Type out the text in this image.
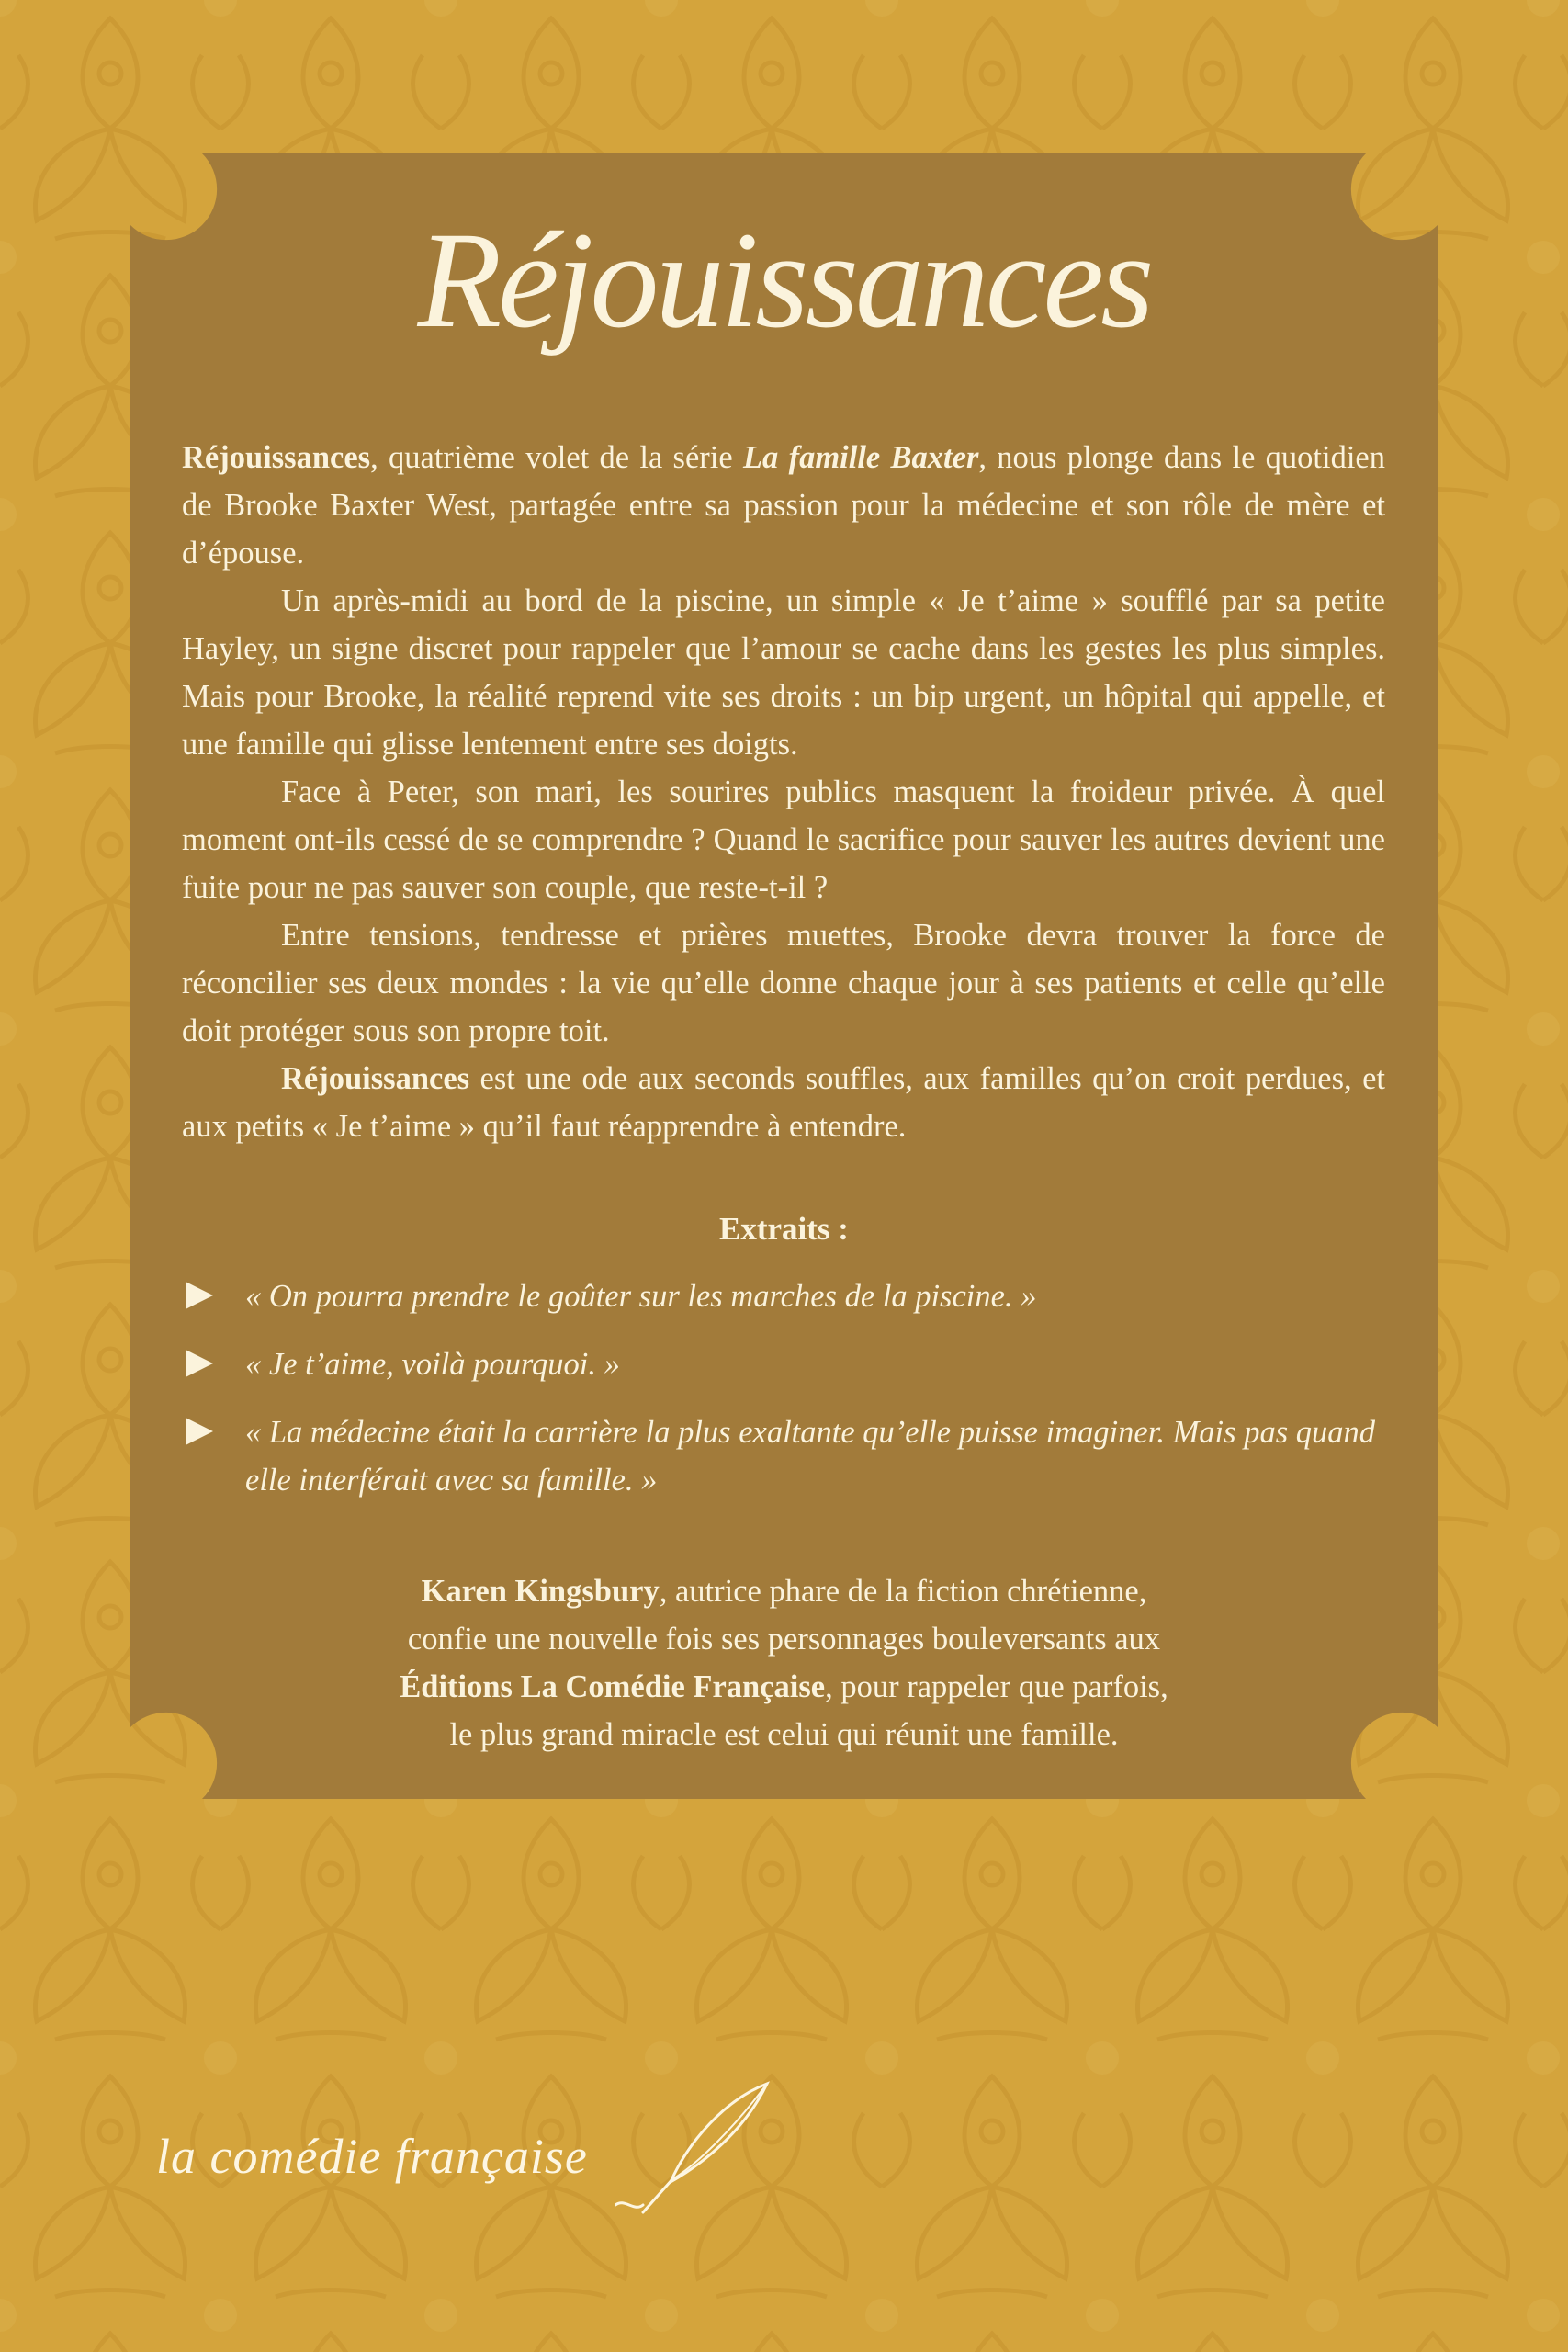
Réjouissances

Réjouissances, quatrième volet de la série La famille Baxter, nous plonge dans le quotidien de Brooke Baxter West, partagée entre sa passion pour la médecine et son rôle de mère et d’épouse.

Un après-midi au bord de la piscine, un simple « Je t’aime » soufflé par sa petite Hayley, un signe discret pour rappeler que l’amour se cache dans les gestes les plus simples. Mais pour Brooke, la réalité reprend vite ses droits : un bip urgent, un hôpital qui appelle, et une famille qui glisse lentement entre ses doigts.

Face à Peter, son mari, les sourires publics masquent la froideur privée. À quel moment ont-ils cessé de se comprendre ? Quand le sacrifice pour sauver les autres devient une fuite pour ne pas sauver son couple, que reste-t-il ?

Entre tensions, tendresse et prières muettes, Brooke devra trouver la force de réconcilier ses deux mondes : la vie qu’elle donne chaque jour à ses patients et celle qu’elle doit protéger sous son propre toit.

Réjouissances est une ode aux seconds souffles, aux familles qu’on croit perdues, et aux petits « Je t’aime » qu’il faut réapprendre à entendre.

Extraits :

« On pourra prendre le goûter sur les marches de la piscine. »

« Je t’aime, voilà pourquoi. »

« La médecine était la carrière la plus exaltante qu’elle puisse imaginer. Mais pas quand elle interférait avec sa famille. »

Karen Kingsbury, autrice phare de la fiction chrétienne,

confie une nouvelle fois ses personnages bouleversants aux

Éditions La Comédie Française, pour rappeler que parfois,

le plus grand miracle est celui qui réunit une famille.

la comédie française
